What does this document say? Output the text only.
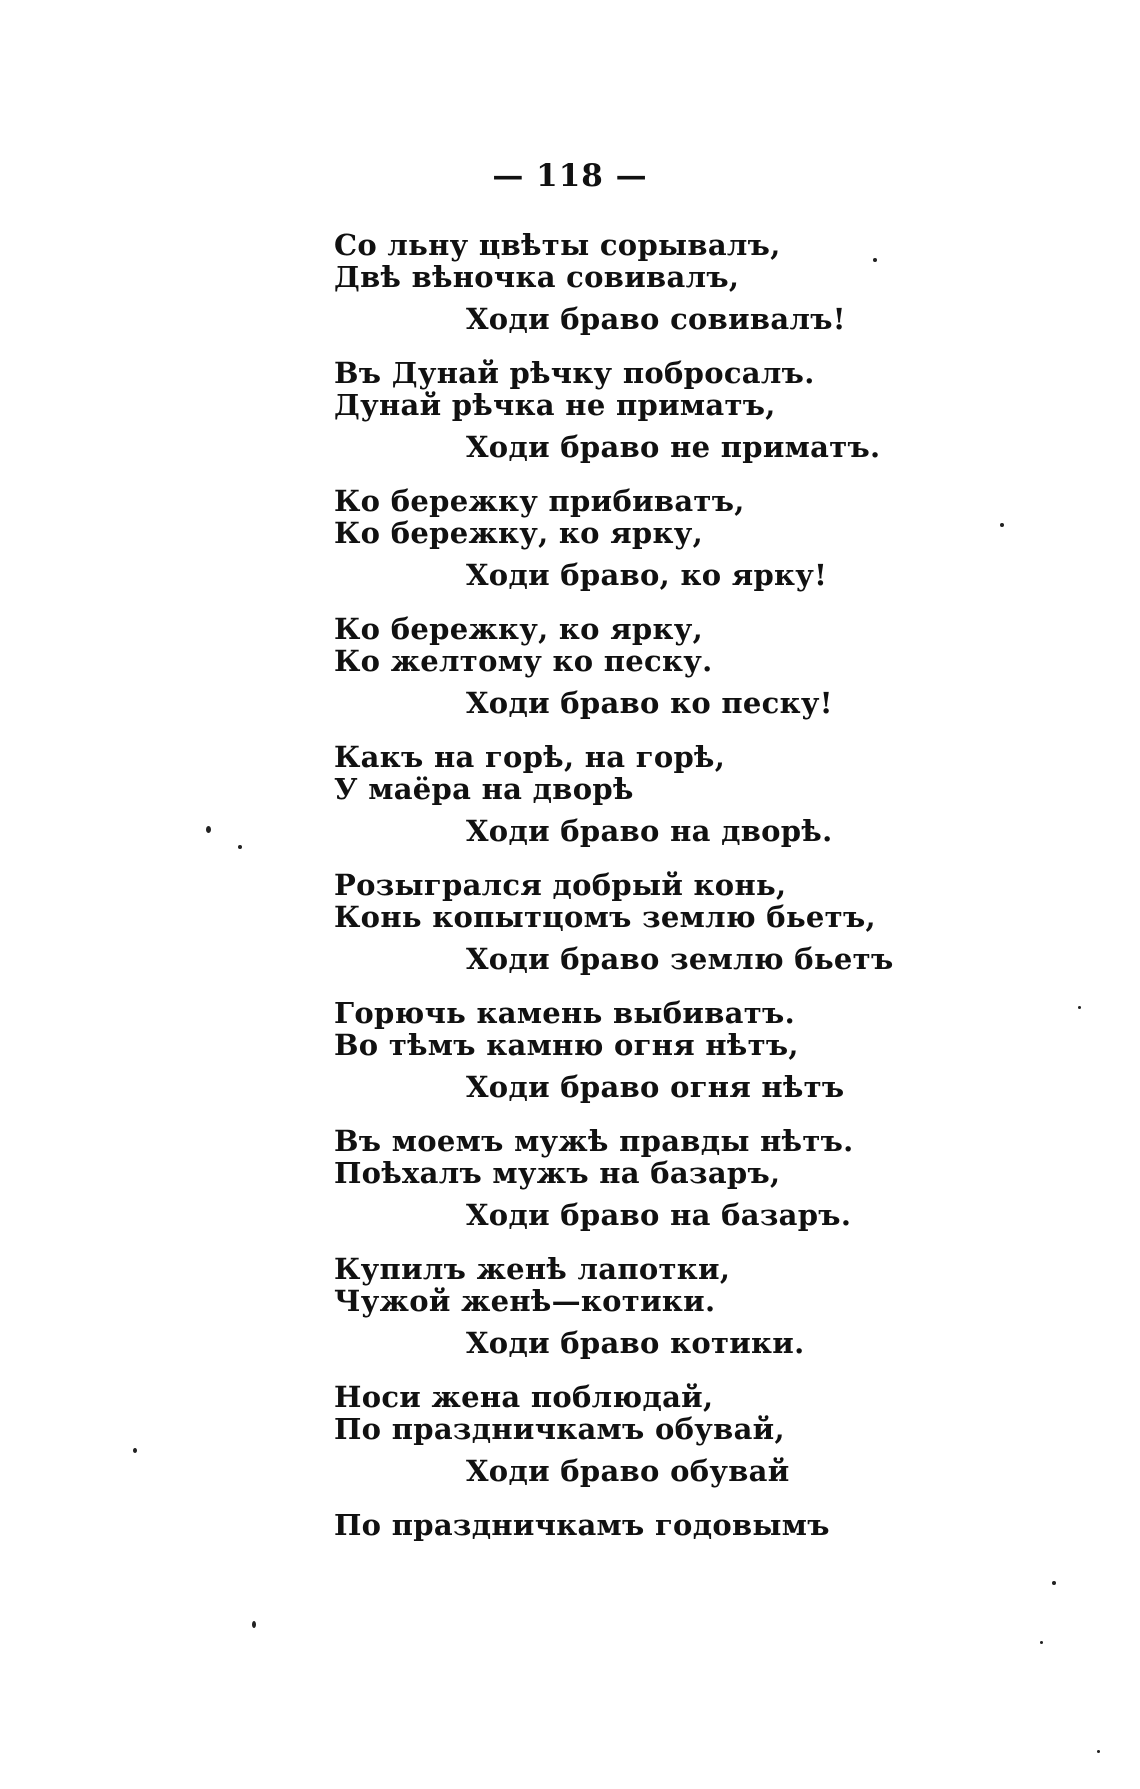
— 118 —
Со льну цвѣты сорывалъ,
Двѣ вѣночка совивалъ,
Ходи браво совивалъ!
Въ Дунай рѣчку побросалъ.
Дунай рѣчка не приматъ,
Ходи браво не приматъ.
Ко бережку прибиватъ,
Ко бережку, ко ярку,
Ходи браво, ко ярку!
Ко бережку, ко ярку,
Ко желтому ко песку.
Ходи браво ко песку!
Какъ на горѣ, на горѣ,
У маёра на дворѣ
Ходи браво на дворѣ.
Розыгрался добрый конь,
Конь копытцомъ землю бьетъ,
Ходи браво землю бьетъ
Горючь камень выбиватъ.
Во тѣмъ камню огня нѣтъ,
Ходи браво огня нѣтъ
Въ моемъ мужѣ правды нѣтъ.
Поѣхалъ мужъ на базаръ,
Ходи браво на базаръ.
Купилъ женѣ лапотки,
Чужой женѣ—котики.
Ходи браво котики.
Носи жена поблюдай,
По праздничкамъ обувай,
Ходи браво обувай
По праздничкамъ годовымъ
